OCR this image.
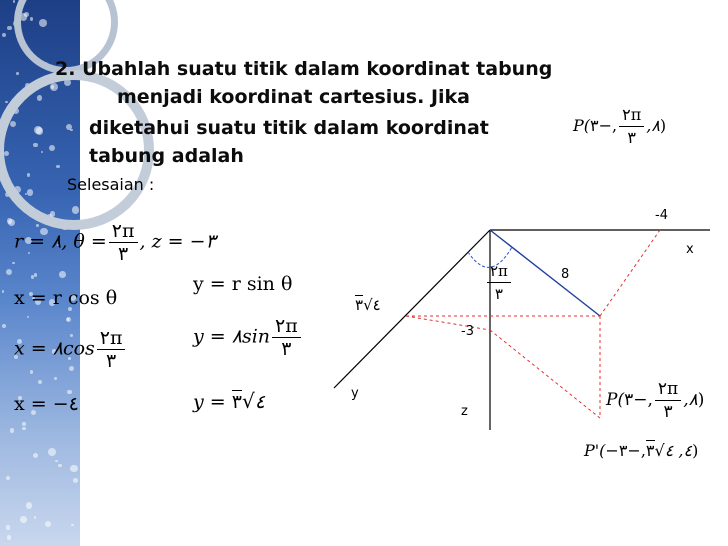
2. Ubahlah suatu titik dalam koordinat tabung
menjadi koordinat cartesius. Jika
diketahui suatu titik dalam koordinat
tabung adalah
P(٨,
$\frac{٢\pi}{٣}$
,−٣)
Selesaian :
r = ٨, $\theta = \frac{٢\pi}{٣}$ , z = −٣
x = r cos θ
x = ٨cos $\frac{٢\pi}{٣}$
x = −٤
y = r sin θ
y = ٨sin $\frac{٢\pi}{٣}$
y = ٤√٣
-4
x
y
z
-3
8
٤√٣	$\frac{٢\pi}{٣}$
P(٨,
$\frac{٢\pi}{٣}$
,−٣)
P'(−٤, ٤√٣,−٣)
